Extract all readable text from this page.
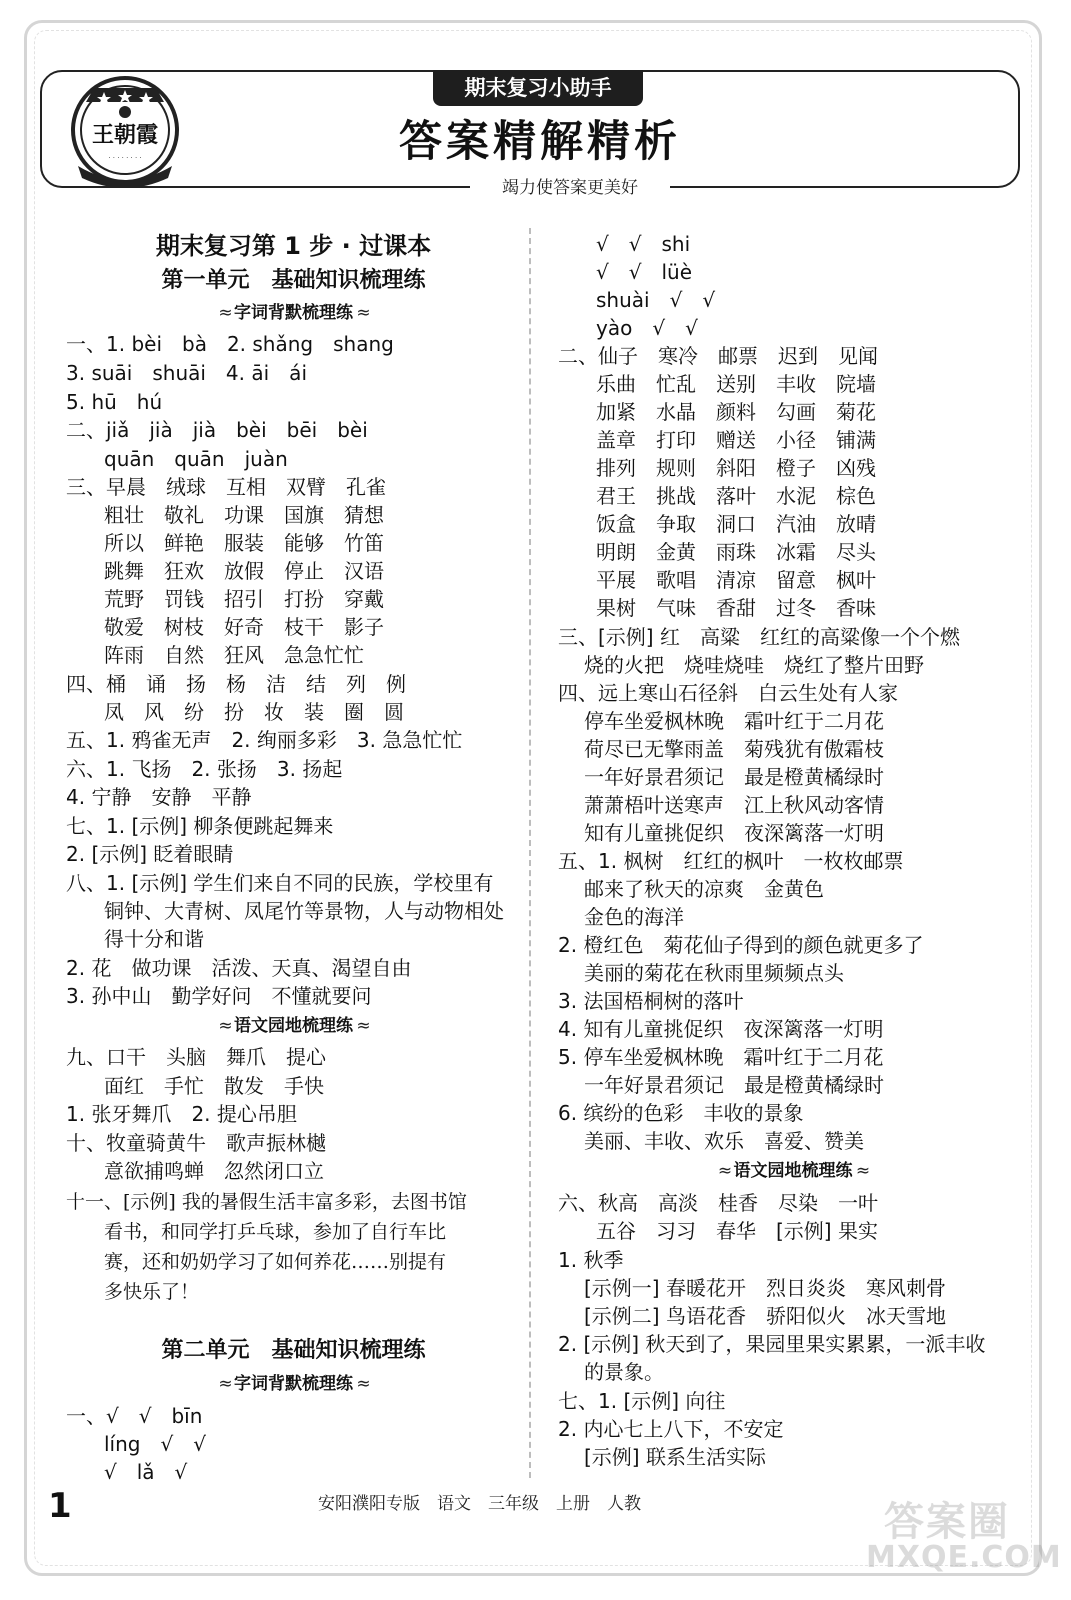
王朝霞
· · · · · · · ·
期末复习小助手
答案精解精析
竭力使答案更美好
期末复习第 1 步 · 过课本
第一单元　基础知识梳理练
≈ 字词背默梳理练 ≈
一、1. bèi　bà　2. shǎng　shang
3. suāi　shuāi　4. āi　ái
5. hū　hú
二、jiǎ　jià　jià　bèi　bēi　bèi
quān　quān　juàn
三、早晨　绒球　互相　双臂　孔雀
粗壮　敬礼　功课　国旗　猜想
所以　鲜艳　服装　能够　竹笛
跳舞　狂欢　放假　停止　汉语
荒野　罚钱　招引　打扮　穿戴
敬爱　树枝　好奇　枝干　影子
阵雨　自然　狂风　急急忙忙
四、桶　诵　扬　杨　洁　结　列　例
凤　风　纷　扮　妆　装　圈　圆
五、1. 鸦雀无声　2. 绚丽多彩　3. 急急忙忙
六、1. 飞扬　2. 张扬　3. 扬起
4. 宁静　安静　平静
七、1. [示例] 柳条便跳起舞来
2. [示例] 眨着眼睛
八、1. [示例] 学生们来自不同的民族，学校里有
铜钟、大青树、凤尾竹等景物，人与动物相处
得十分和谐
2. 花　做功课　活泼、天真、渴望自由
3. 孙中山　勤学好问　不懂就要问
≈ 语文园地梳理练 ≈
九、口干　头脑　舞爪　提心
面红　手忙　散发　手快
1. 张牙舞爪　2. 提心吊胆
十、牧童骑黄牛　歌声振林樾
意欲捕鸣蝉　忽然闭口立
十一、[示例] 我的暑假生活丰富多彩，去图书馆
看书，和同学打乒乓球，参加了自行车比
赛，还和奶奶学习了如何养花……别提有
多快乐了！
第二单元　基础知识梳理练
≈ 字词背默梳理练 ≈
一、√　√　bīn
líng　√　√
√　lǎ　√
√　√　shi
√　√　lüè
shuài　√　√
yào　√　√
二、仙子　寒冷　邮票　迟到　见闻
乐曲　忙乱　送别　丰收　院墙
加紧　水晶　颜料　勾画　菊花
盖章　打印　赠送　小径　铺满
排列　规则　斜阳　橙子　凶残
君王　挑战　落叶　水泥　棕色
饭盒　争取　洞口　汽油　放晴
明朗　金黄　雨珠　冰霜　尽头
平展　歌唱　清凉　留意　枫叶
果树　气味　香甜　过冬　香味
三、[示例] 红　高粱　红红的高粱像一个个燃
烧的火把　烧哇烧哇　烧红了整片田野
四、远上寒山石径斜　白云生处有人家
停车坐爱枫林晚　霜叶红于二月花
荷尽已无擎雨盖　菊残犹有傲霜枝
一年好景君须记　最是橙黄橘绿时
萧萧梧叶送寒声　江上秋风动客情
知有儿童挑促织　夜深篱落一灯明
五、1. 枫树　红红的枫叶　一枚枚邮票
邮来了秋天的凉爽　金黄色
金色的海洋
2. 橙红色　菊花仙子得到的颜色就更多了
美丽的菊花在秋雨里频频点头
3. 法国梧桐树的落叶
4. 知有儿童挑促织　夜深篱落一灯明
5. 停车坐爱枫林晚　霜叶红于二月花
一年好景君须记　最是橙黄橘绿时
6. 缤纷的色彩　丰收的景象
美丽、丰收、欢乐　喜爱、赞美
≈ 语文园地梳理练 ≈
六、秋高　高淡　桂香　尽染　一叶
五谷　习习　春华　[示例] 果实
1. 秋季
[示例一] 春暖花开　烈日炎炎　寒风刺骨
[示例二] 鸟语花香　骄阳似火　冰天雪地
2. [示例] 秋天到了，果园里果实累累，一派丰收
的景象。
七、1. [示例] 向往
2. 内心七上八下，不安定
[示例] 联系生活实际
1	安阳濮阳专版　语文　三年级　上册　人教	答案圈
MXQE.COM
